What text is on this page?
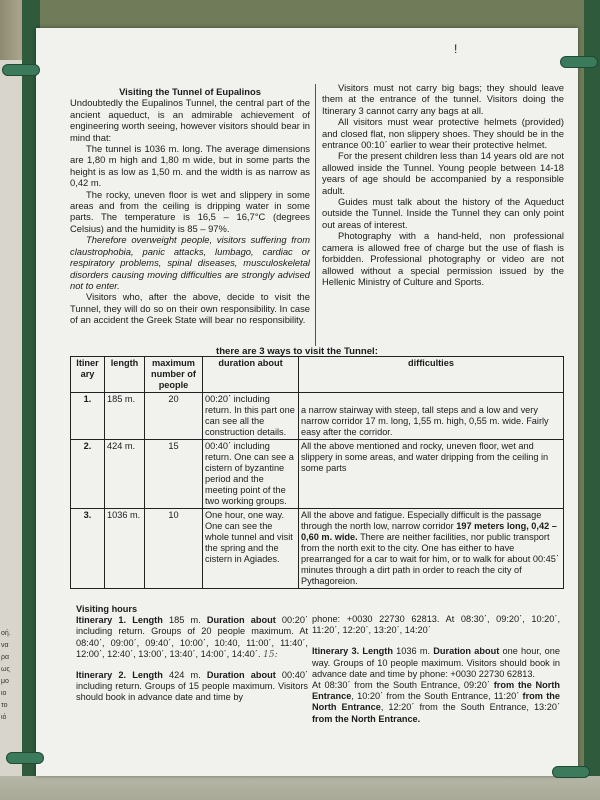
οή.
να
ρα
ως
μο
ιο
το
ιό
!

Visiting the Tunnel of Eupalinos

Undoubtedly the Eupalinos Tunnel, the central part of the ancient aqueduct, is an admirable achievement of engineering worth seeing, however visitors should bear in mind that:

The tunnel is 1036 m. long. The average dimensions are 1,80 m high and 1,80 m wide, but in some parts the height is as low as 1,50 m. and the width is as narrow as 0,42 m.

The rocky, uneven floor is wet and slippery in some areas and from the ceiling is dripping water in some parts. The temperature is 16,5 – 16,7°C (degrees Celsius) and the humidity is 85 – 97%.

Therefore overweight people, visitors suffering from claustrophobia, panic attacks, lumbago, cardiac or respiratory problems, spinal diseases, musculoskeletal disorders causing moving difficulties are strongly advised not to enter.

Visitors who, after the above, decide to visit the Tunnel, they will do so on their own responsibility. In case of an accident the Greek State will bear no responsibility.

Visitors must not carry big bags; they should leave them at the entrance of the tunnel. Visitors doing the Itinerary 3 cannot carry any bags at all.

All visitors must wear protective helmets (provided) and closed flat, non slippery shoes. They should be in the entrance 00:10΄ earlier to wear their protective helmet.

For the present children less than 14 years old are not allowed inside the Tunnel. Young people between 14-18 years of age should be accompanied by a responsible adult.

Guides must talk about the history of the Aqueduct outside the Tunnel. Inside the Tunnel they can only point out areas of interest.

Photography with a hand-held, non professional camera is allowed free of charge but the use of flash is forbidden. Professional photography or video are not allowed without a special permission issued by the Hellenic Ministry of Culture and Sports.

there are 3 ways to visit the Tunnel:
Itiner ary	length	maximum number of people	duration about	difficulties
1.	185 m.	20	00:20΄ including return. In this part one can see all the construction details.	a narrow stairway with steep, tall steps and a low and very narrow corridor 17 m. long, 1,55 m. high, 0,55 m. wide. Fairly easy after the corridor.
2.	424 m.	15	00:40΄ including return. One can see a cistern of byzantine period and the meeting point of the two working groups.	All the above mentioned and rocky, uneven floor, wet and slippery in some areas, and water dripping from the ceiling in some parts
3.	1036 m.	10	One hour, one way. One can see the whole tunnel and visit the spring and the cistern in Agiades.	All the above and fatigue. Especially difficult is the passage through the north low, narrow corridor 197 meters long, 0,42 – 0,60 m. wide. There are neither facilities, nor public transport from the north exit to the city. One has either to have prearranged for a car to wait for him, or to walk for about 00:45΄ minutes through a dirt path in order to reach the city of Pythagoreion.

Visiting hours

Itinerary 1. Length 185 m. Duration about 00:20΄ including return. Groups of 20 people maximum. At 08:40΄, 09:00΄, 09:40΄, 10:00΄, 10:40, 11:00΄, 11:40΄, 12:00΄, 12:40΄, 13:00΄, 13:40΄, 14:00΄, 14:40΄. 15:

Itinerary 2. Length 424 m. Duration about 00:40΄ including return. Groups of 15 people maximum. Visitors should book in advance date and time by

phone: +0030 22730 62813. At 08:30΄, 09:20΄, 10:20΄, 11:20΄, 12:20΄, 13:20΄, 14:20΄

Itinerary 3. Length 1036 m. Duration about one hour, one way. Groups of 10 people maximum. Visitors should book in advance date and time by phone: +0030 22730 62813.

At 08:30΄ from the South Entrance, 09:20΄ from the North Entrance, 10:20΄ from the South Entrance, 11:20΄ from the North Entrance, 12:20΄ from the South Entrance, 13:20΄ from the North Entrance.
